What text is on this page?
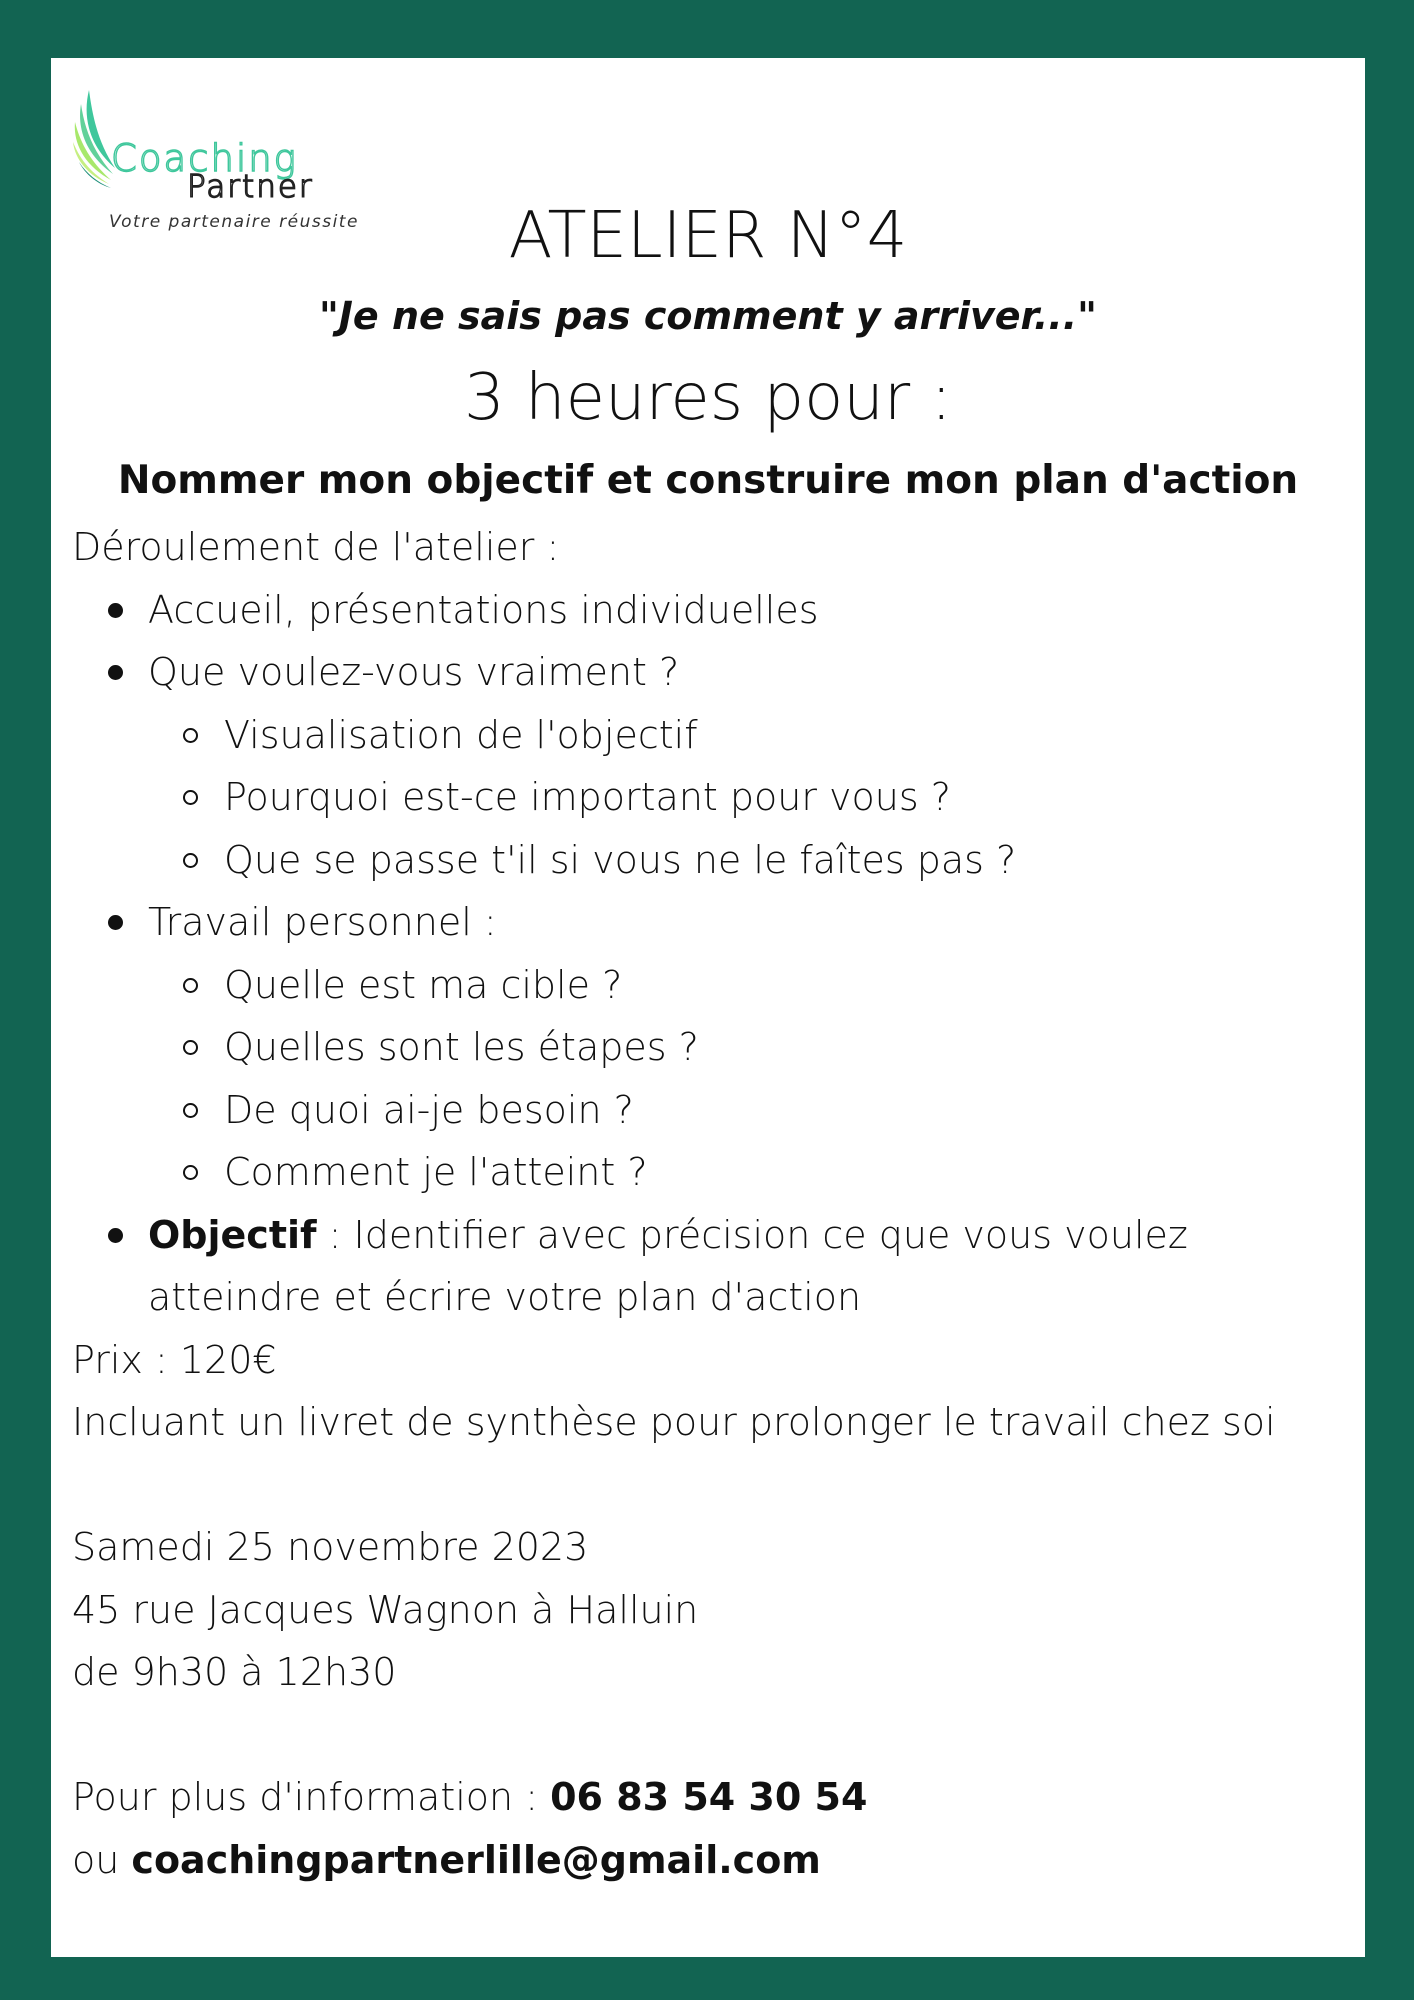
Coaching
Partner
Votre partenaire réussite	ATELIER N°4
"Je ne sais pas comment y arriver..."
3 heures pour :
Nommer mon objectif et construire mon plan d'action
Déroulement de l'atelier :
Accueil, présentations individuelles
Que voulez-vous vraiment ?
Visualisation de l'objectif
Pourquoi est-ce important pour vous ?
Que se passe t'il si vous ne le faîtes pas ?
Travail personnel :
Quelle est ma cible ?
Quelles sont les étapes ?
De quoi ai-je besoin ?
Comment je l'atteint ?
Objectif : Identifier avec précision ce que vous voulez atteindre et écrire votre plan d'action
Prix : 120€
Incluant un livret de synthèse pour prolonger le travail chez soi
Samedi 25 novembre 2023
45 rue Jacques Wagnon à Halluin
de 9h30 à 12h30
Pour plus d'information : 06 83 54 30 54
ou coachingpartnerlille@gmail.com
